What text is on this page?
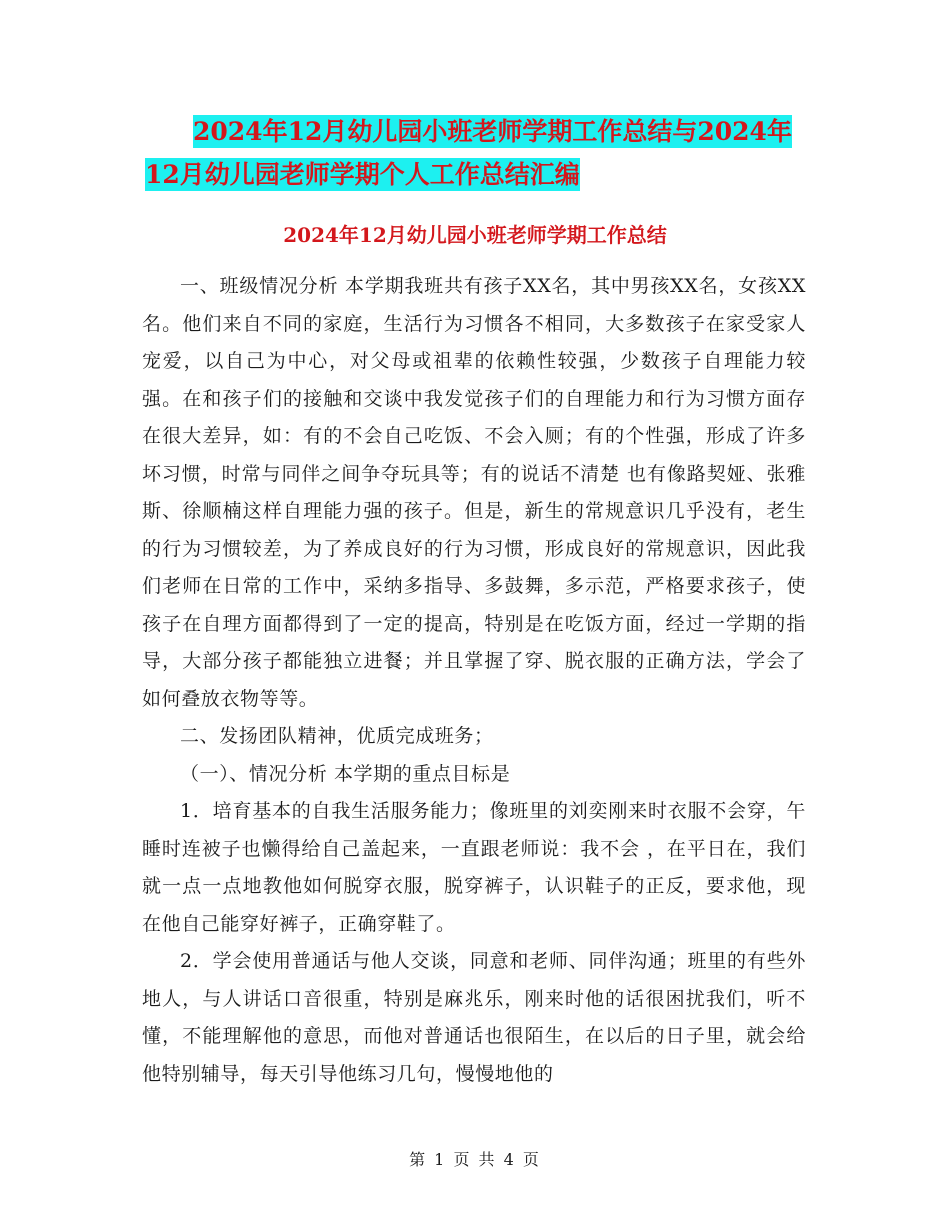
2024年12月幼儿园小班老师学期工作总结与2024年
12月幼儿园老师学期个人工作总结汇编
2024年12月幼儿园小班老师学期工作总结

一、班级情况分析 本学期我班共有孩子XX名，其中男孩XX名，女孩XX名。他们来自不同的家庭，生活行为习惯各不相同，大多数孩子在家受家人宠爱，以自己为中心，对父母或祖辈的依赖性较强，少数孩子自理能力较强。在和孩子们的接触和交谈中我发觉孩子们的自理能力和行为习惯方面存在很大差异，如：有的不会自己吃饭、不会入厕；有的个性强，形成了许多坏习惯，时常与同伴之间争夺玩具等；有的说话不清楚 也有像路契娅、张雅斯、徐顺楠这样自理能力强的孩子。但是，新生的常规意识几乎没有，老生的行为习惯较差，为了养成良好的行为习惯，形成良好的常规意识，因此我们老师在日常的工作中，采纳多指导、多鼓舞，多示范，严格要求孩子，使孩子在自理方面都得到了一定的提高，特别是在吃饭方面，经过一学期的指导，大部分孩子都能独立进餐；并且掌握了穿、脱衣服的正确方法，学会了如何叠放衣物等等。

二、发扬团队精神，优质完成班务；

（一）、情况分析 本学期的重点目标是

1．培育基本的自我生活服务能力；像班里的刘奕刚来时衣服不会穿，午睡时连被子也懒得给自己盖起来，一直跟老师说：我不会 ，在平日在，我们就一点一点地教他如何脱穿衣服，脱穿裤子，认识鞋子的正反，要求他，现在他自己能穿好裤子，正确穿鞋了。

2．学会使用普通话与他人交谈，同意和老师、同伴沟通；班里的有些外地人，与人讲话口音很重，特别是麻兆乐，刚来时他的话很困扰我们，听不懂，不能理解他的意思，而他对普通话也很陌生，在以后的日子里，就会给他特别辅导，每天引导他练习几句，慢慢地他的

第 1 页 共 4 页
